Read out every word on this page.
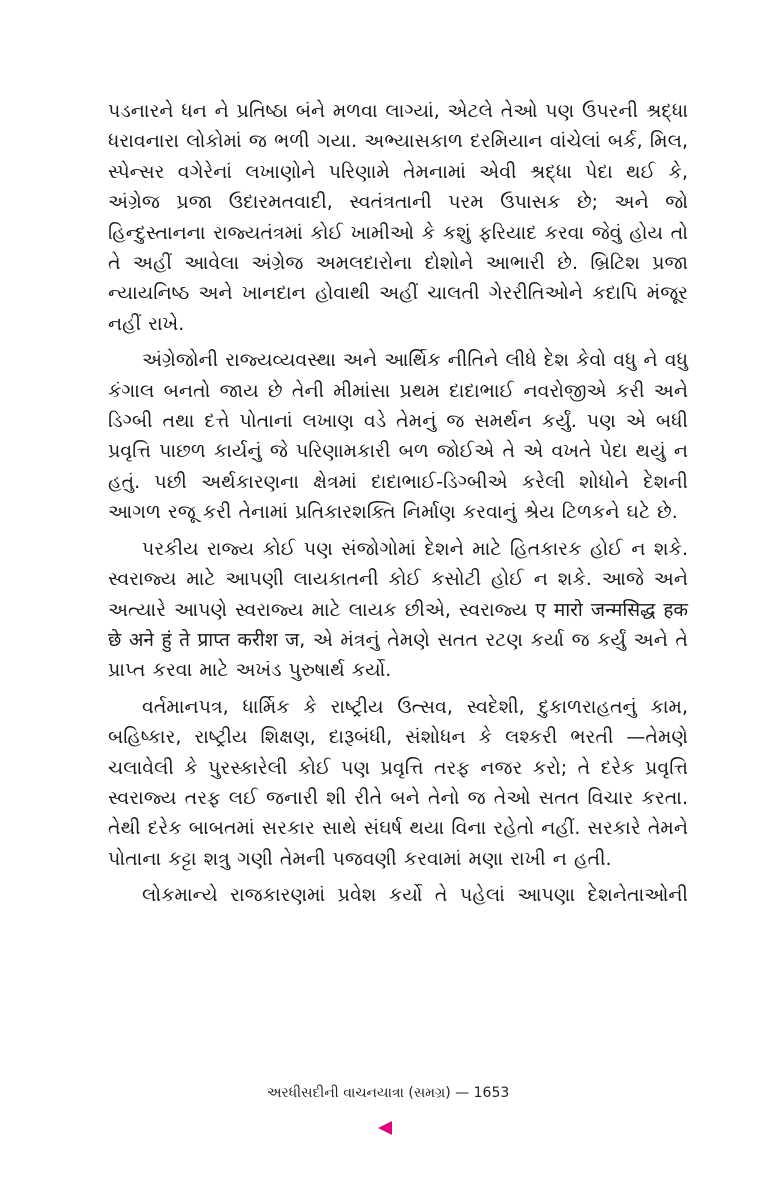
પડનારને ધન ને પ્રતિષ્ઠા બંને મળવા લાગ્યાં, એટલે તેઓ પણ ઉપરની શ્રદ્ધા ધરાવનારા લોકોમાં જ ભળી ગયા. અભ્યાસકાળ દરમિયાન વાંચેલાં બર્ક, મિલ, સ્પેન્સર વગેરેનાં લખાણોને પરિણામે તેમનામાં એવી શ્રદ્ધા પેદા થઈ કે, અંગ્રેજ પ્રજા ઉદારમતવાદી, સ્વતંત્રતાની પરમ ઉપાસક છે; અને જો હિન્દુસ્તાનના રાજ્યતંત્રમાં કોઈ ખામીઓ કે કશું ફરિયાદ કરવા જેવું હોય તો તે અહીં આવેલા અંગ્રેજ અમલદારોના દોશોને આભારી છે. બ્રિટિશ પ્રજા ન્યાયનિષ્ઠ અને ખાનદાન હોવાથી અહીં ચાલતી ગેરરીતિઓને કદાપિ મંજૂર નહીં રાખે.

અંગ્રેજોની રાજ્યવ્યવસ્થા અને આર્થિક નીતિને લીધે દેશ કેવો વધુ ને વધુ કંગાલ બનતો જાય છે તેની મીમાંસા પ્રથમ દાદાભાઈ નવરોજીએ કરી અને ડિગ્બી તથા દત્તે પોતાનાં લખાણ વડે તેમનું જ સમર્થન કર્યું. પણ એ બધી પ્રવૃત્તિ પાછળ કાર્યનું જે પરિણામકારી બળ જોઈએ તે એ વખતે પેદા થયું ન હતું. પછી અર્થકારણના ક્ષેત્રમાં દાદાભાઈ-ડિગ્બીએ કરેલી શોધોને દેશની આગળ રજૂ કરી તેનામાં પ્રતિકારશક્તિ નિર્માણ કરવાનું શ્રેય ટિળકને ઘટે છે.

પરકીય રાજ્ય કોઈ પણ સંજોગોમાં દેશને માટે હિતકારક હોઈ ન શકે. સ્વરાજ્ય માટે આપણી લાયકાતની કોઈ કસોટી હોઈ ન શકે. આજે અને અત્યારે આપણે સ્વરાજ્ય માટે લાયક છીએ, સ્વરાજ્ય ए‌ मारो जन्मसिद्ध हक छे अने हुं ते प्राप्त करीश ज, એ મંત્રનું તેમણે સતત રટણ કર્યા જ કર્યું અને તે પ્રાપ્ત કરવા માટે અખંડ પુરુષાર્થ કર્યો.

વર્તમાનપત્ર, ધાર્મિક કે રાષ્ટ્રીય ઉત્સવ, સ્વદેશી, દુકાળરાહતનું કામ, બહિષ્કાર, રાષ્ટ્રીય શિક્ષણ, દારૂબંધી, સંશોધન કે લશ્કરી ભરતી —તેમણે ચલાવેલી કે પુરસ્કારેલી કોઈ પણ પ્રવૃત્તિ તરફ નજર કરો; તે દરેક પ્રવૃત્તિ સ્વરાજ્ય તરફ લઈ જનારી શી રીતે બને તેનો જ તેઓ સતત વિચાર કરતા. તેથી દરેક બાબતમાં સરકાર સાથે સંઘર્ષ થયા વિના રહેતો નહીં. સરકારે તેમને પોતાના કટ્ટા શત્રુ ગણી તેમની પજવણી કરવામાં મણા રાખી ન હતી.

લોકમાન્યે રાજકારણમાં પ્રવેશ કર્યો તે પહેલાં આપણા દેશનેતાઓની

અરધીસદીની વાચનયાત્રા (સમગ્ર) — 1653
